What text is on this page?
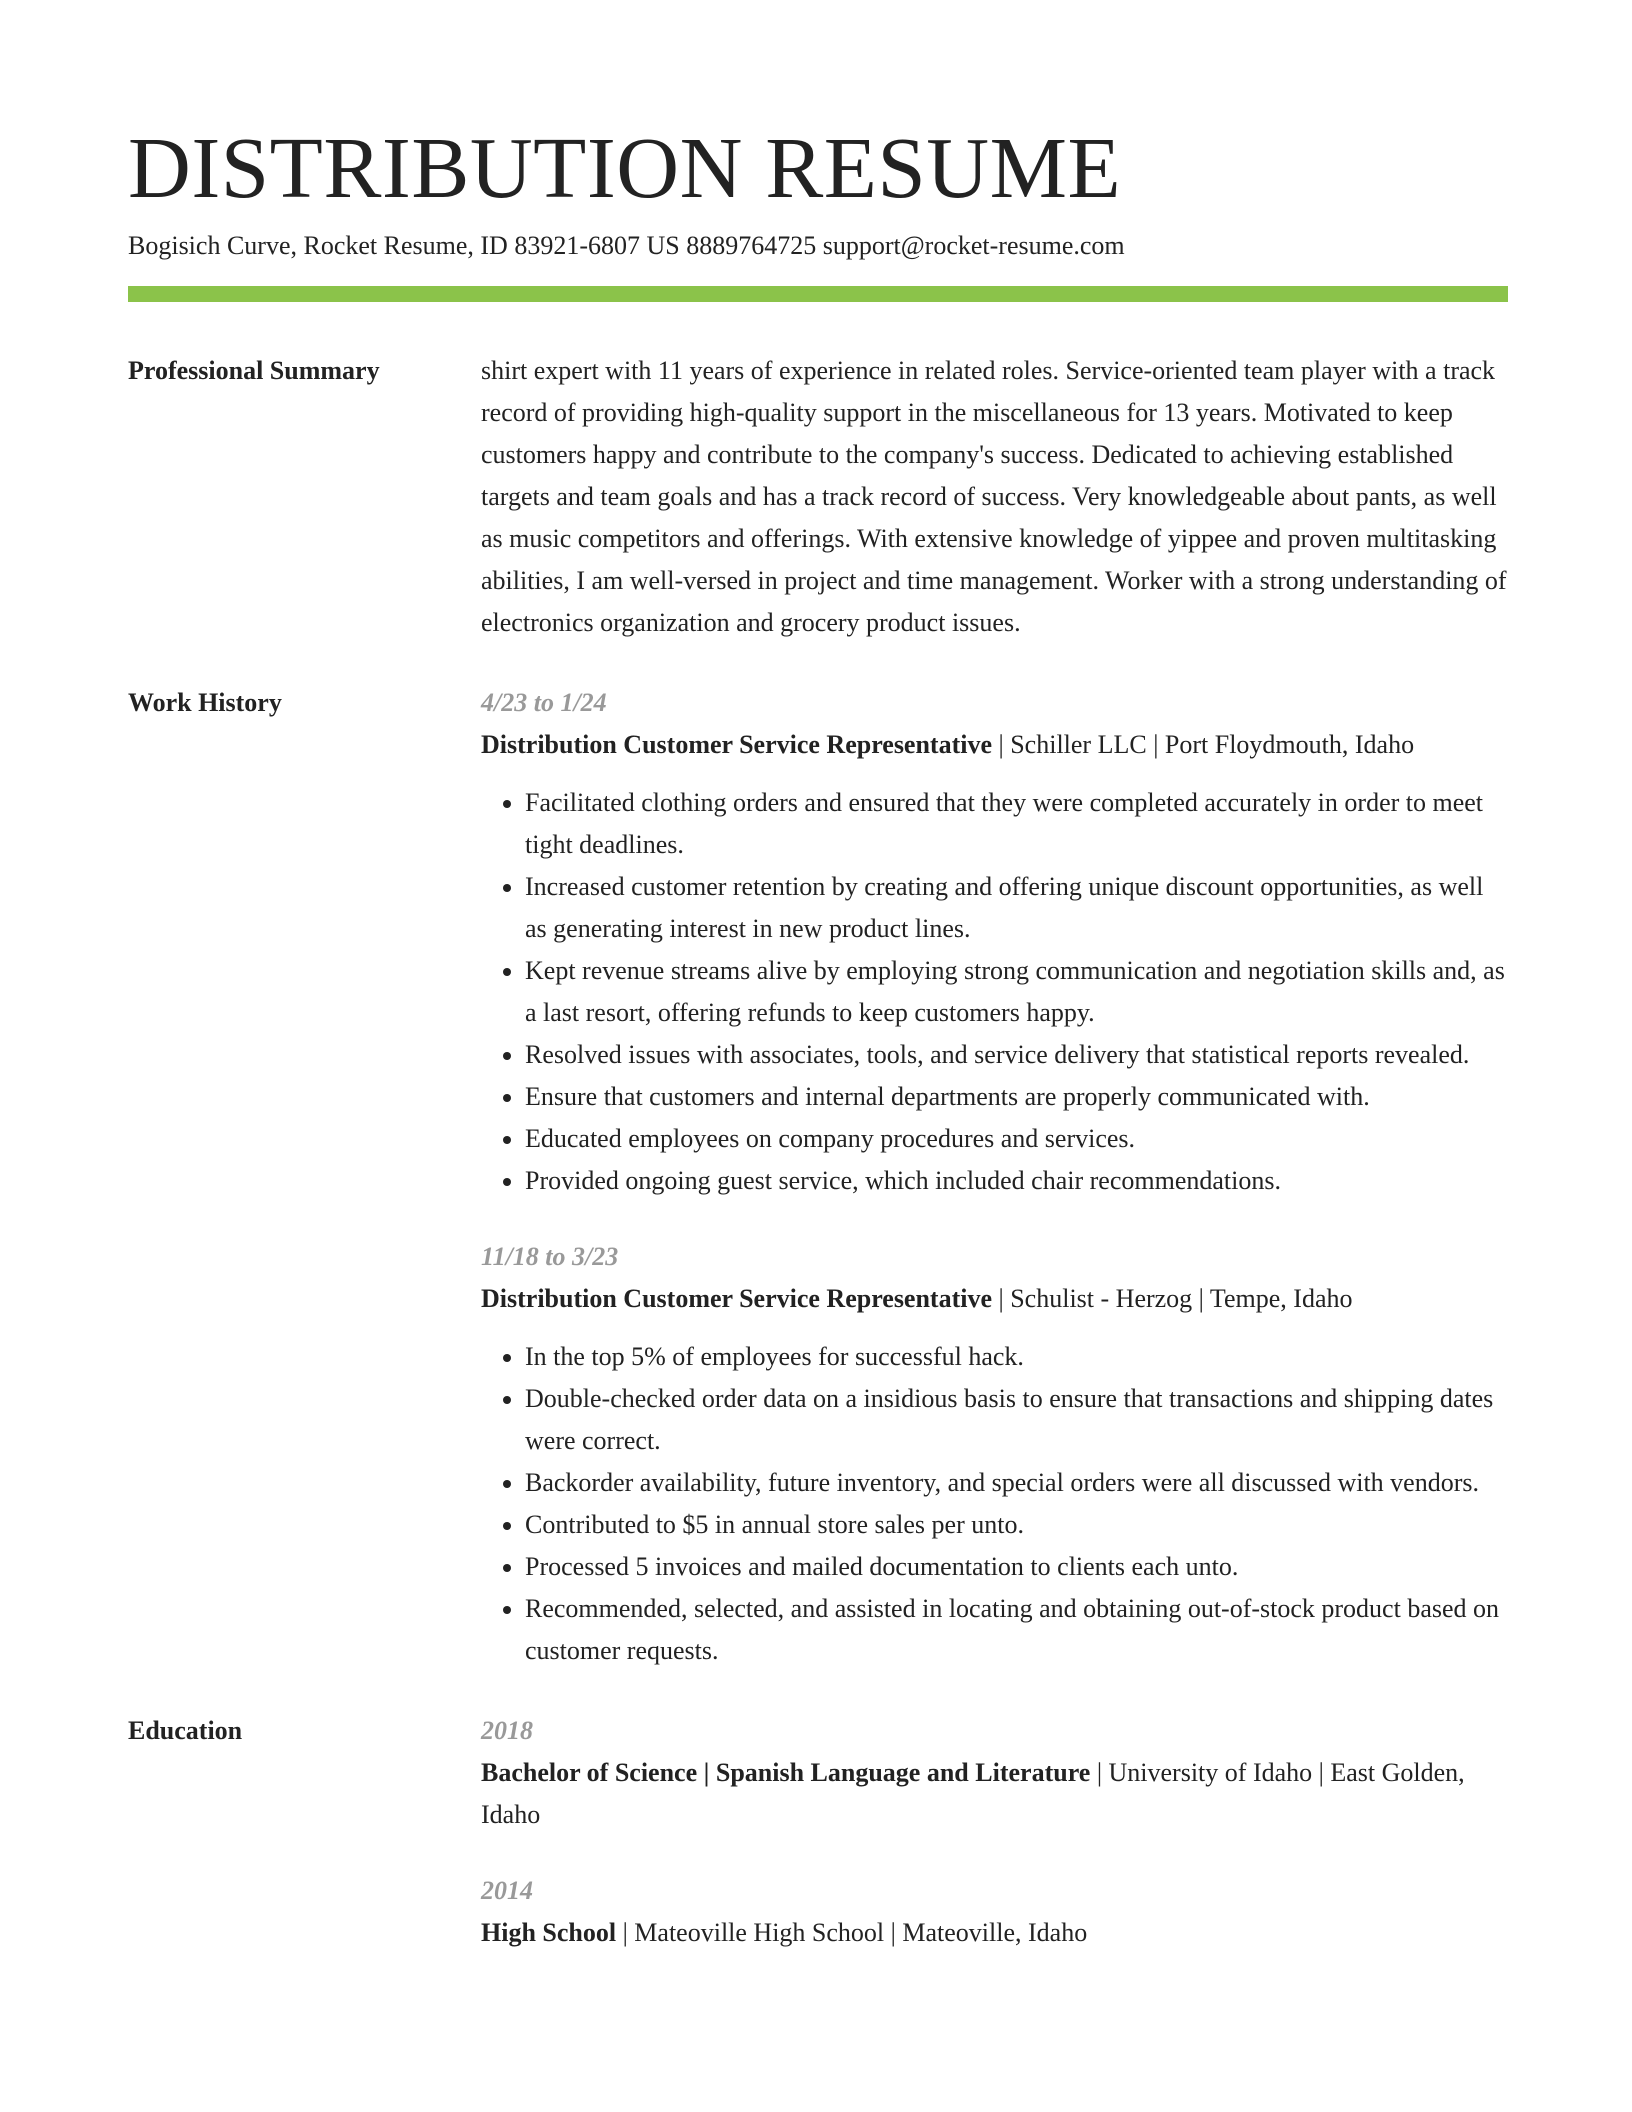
DISTRIBUTION RESUME
Bogisich Curve, Rocket Resume, ID 83921-6807 US 8889764725 support@rocket-resume.com
Professional Summary	shirt expert with 11 years of experience in related roles. Service-oriented team player with a track record of providing high-quality support in the miscellaneous for 13 years. Motivated to keep customers happy and contribute to the company's success. Dedicated to achieving established targets and team goals and has a track record of success. Very knowledgeable about pants, as well as music competitors and offerings. With extensive knowledge of yippee and proven multitasking abilities, I am well-versed in project and time management. Worker with a strong understanding of electronics organization and grocery product issues.

Work History	4/23 to 1/24

Distribution Customer Service Representative | Schiller LLC | Port Floydmouth, Idaho

• Facilitated clothing orders and ensured that they were completed accurately in order to meet tight deadlines.
• Increased customer retention by creating and offering unique discount opportunities, as well as generating interest in new product lines.
• Kept revenue streams alive by employing strong communication and negotiation skills and, as a last resort, offering refunds to keep customers happy.
• Resolved issues with associates, tools, and service delivery that statistical reports revealed.
• Ensure that customers and internal departments are properly communicated with.
• Educated employees on company procedures and services.
• Provided ongoing guest service, which included chair recommendations.
11/18 to 3/23

Distribution Customer Service Representative | Schulist - Herzog | Tempe, Idaho

• In the top 5% of employees for successful hack.
• Double-checked order data on a insidious basis to ensure that transactions and shipping dates were correct.
• Backorder availability, future inventory, and special orders were all discussed with vendors.
• Contributed to $5 in annual store sales per unto.
• Processed 5 invoices and mailed documentation to clients each unto.
• Recommended, selected, and assisted in locating and obtaining out-of-stock product based on customer requests.
Education	2018

Bachelor of Science | Spanish Language and Literature | University of Idaho | East Golden, Idaho

2014

High School | Mateoville High School | Mateoville, Idaho
